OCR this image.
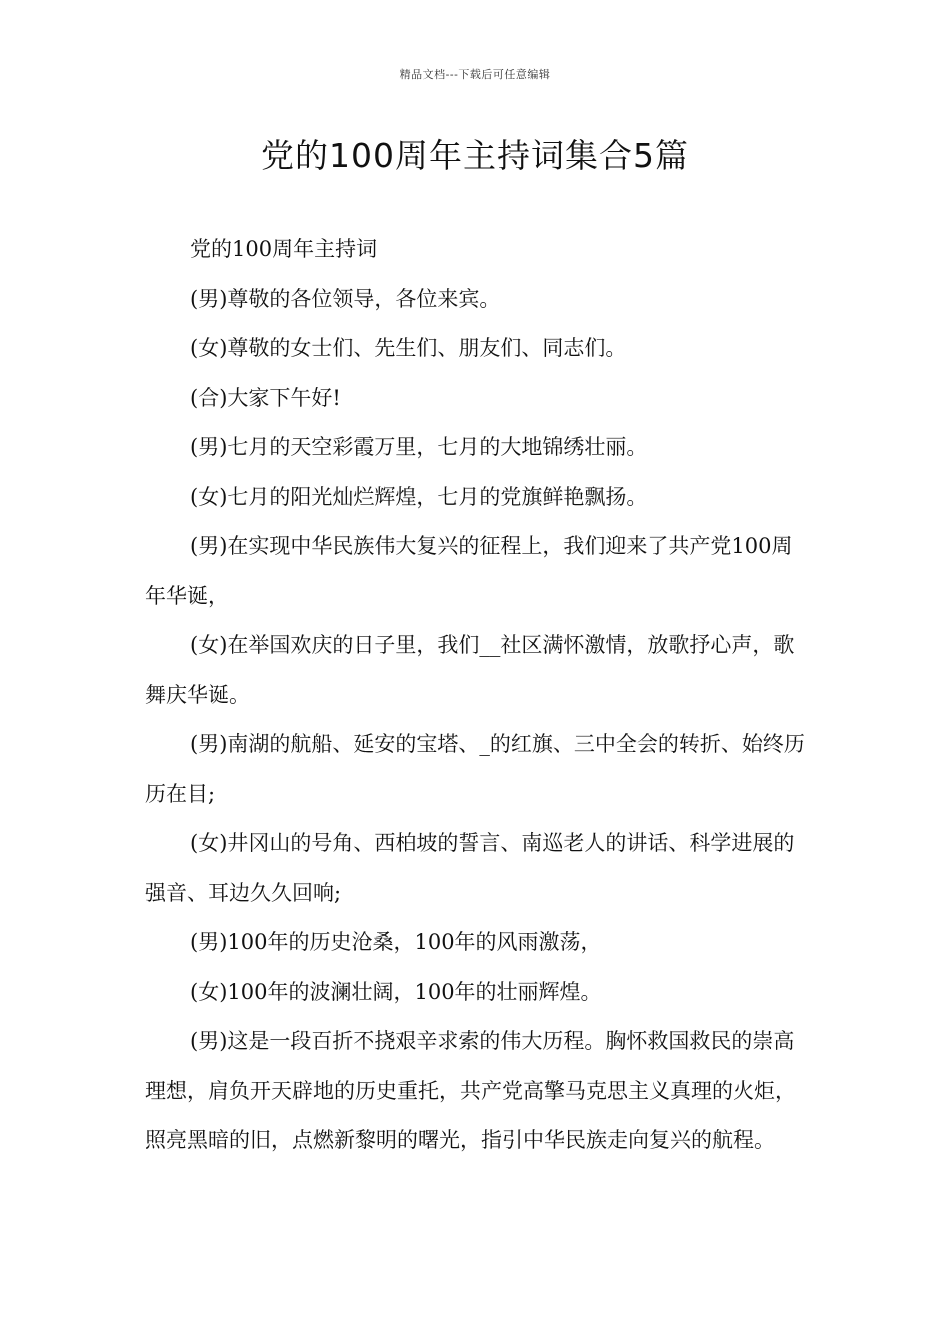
精品文档---下载后可任意编辑
党的100周年主持词集合5篇

党的100周年主持词

(男)尊敬的各位领导，各位来宾。

(女)尊敬的女士们、先生们、朋友们、同志们。

(合)大家下午好!

(男)七月的天空彩霞万里，七月的大地锦绣壮丽。

(女)七月的阳光灿烂辉煌，七月的党旗鲜艳飘扬。

(男)在实现中华民族伟大复兴的征程上，我们迎来了共产党100周年华诞，

(女)在举国欢庆的日子里，我们__社区满怀激情，放歌抒心声，歌舞庆华诞。

(男)南湖的航船、延安的宝塔、_的红旗、三中全会的转折、始终历历在目;

(女)井冈山的号角、西柏坡的誓言、南巡老人的讲话、科学进展的强音、耳边久久回响;

(男)100年的历史沧桑，100年的风雨激荡，

(女)100年的波澜壮阔，100年的壮丽辉煌。

(男)这是一段百折不挠艰辛求索的伟大历程。胸怀救国救民的崇高理想，肩负开天辟地的历史重托，共产党高擎马克思主义真理的火炬，照亮黑暗的旧，点燃新黎明的曙光，指引中华民族走向复兴的航程。
